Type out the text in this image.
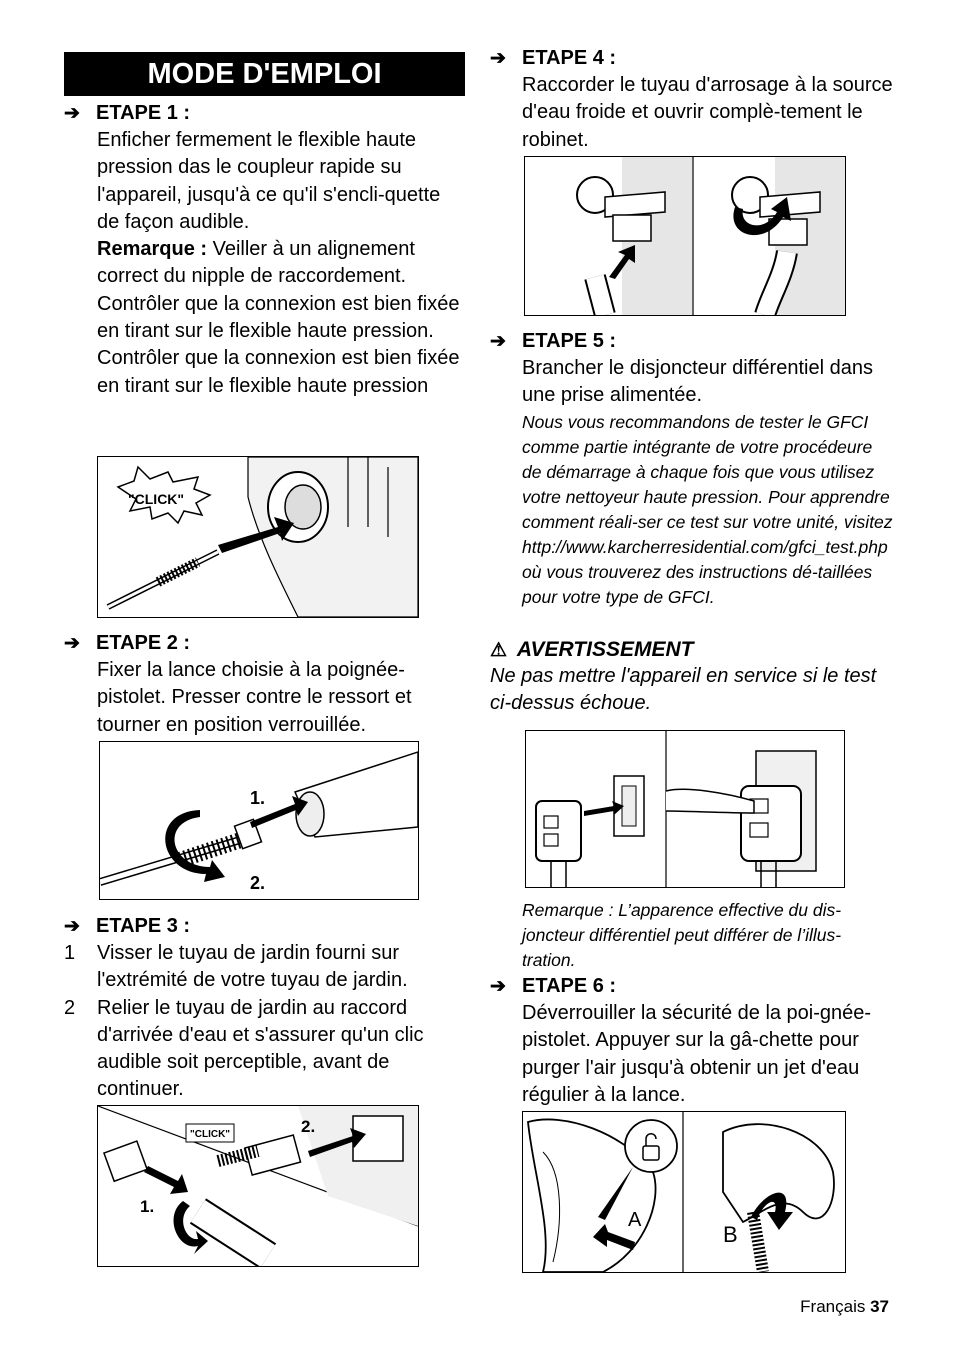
MODE D'EMPLOI
➔ ETAPE 1 :

Enficher fermement le flexible haute pression das le coupleur rapide su l'appareil, jusqu'à ce qu'il s'encli-quette de façon audible.

Remarque : Veiller à un alignement correct du nipple de raccordement.

Contrôler que la connexion est bien fixée en tirant sur le flexible haute pression.

Contrôler que la connexion est bien fixée en tirant sur le flexible haute pression

"CLICK"
➔ ETAPE 2 :

Fixer la lance choisie à la poignée-pistolet. Presser contre le ressort et tourner en position verrouillée.

1.
2.
➔ ETAPE 3 :
1 Visser le tuyau de jardin fourni sur l'extrémité de votre tuyau de jardin.
2 Relier le tuyau de jardin au raccord d'arrivée d'eau et s'assurer qu'un clic audible soit perceptible, avant de continuer.
"CLICK"
1.
2.
➔ ETAPE 4 :

Raccorder le tuyau d'arrosage à la source d'eau froide et ouvrir complè-tement le robinet.

➔ ETAPE 5 :

Brancher le disjoncteur différentiel dans une prise alimentée.

Nous vous recommandons de tester le GFCI comme partie intégrante de votre procédeure de démarrage à chaque fois que vous utilisez votre nettoyeur haute pression. Pour apprendre comment réali-ser ce test sur votre unité, visitez http://www.karcherresidential.com/gfci_test.php où vous trouverez des instructions dé-taillées pour votre type de GFCI.
⚠ AVERTISSEMENT
Ne pas mettre l'appareil en service si le test ci-dessus échoue.
Remarque : L’apparence effective du dis-joncteur différentiel peut différer de l’illus-tration.
➔ ETAPE 6 :

Déverrouiller la sécurité de la poi-gnée-pistolet. Appuyer sur la gâ-chette pour purger l'air jusqu'à obtenir un jet d'eau régulier à la lance.

A
B
Français 37
